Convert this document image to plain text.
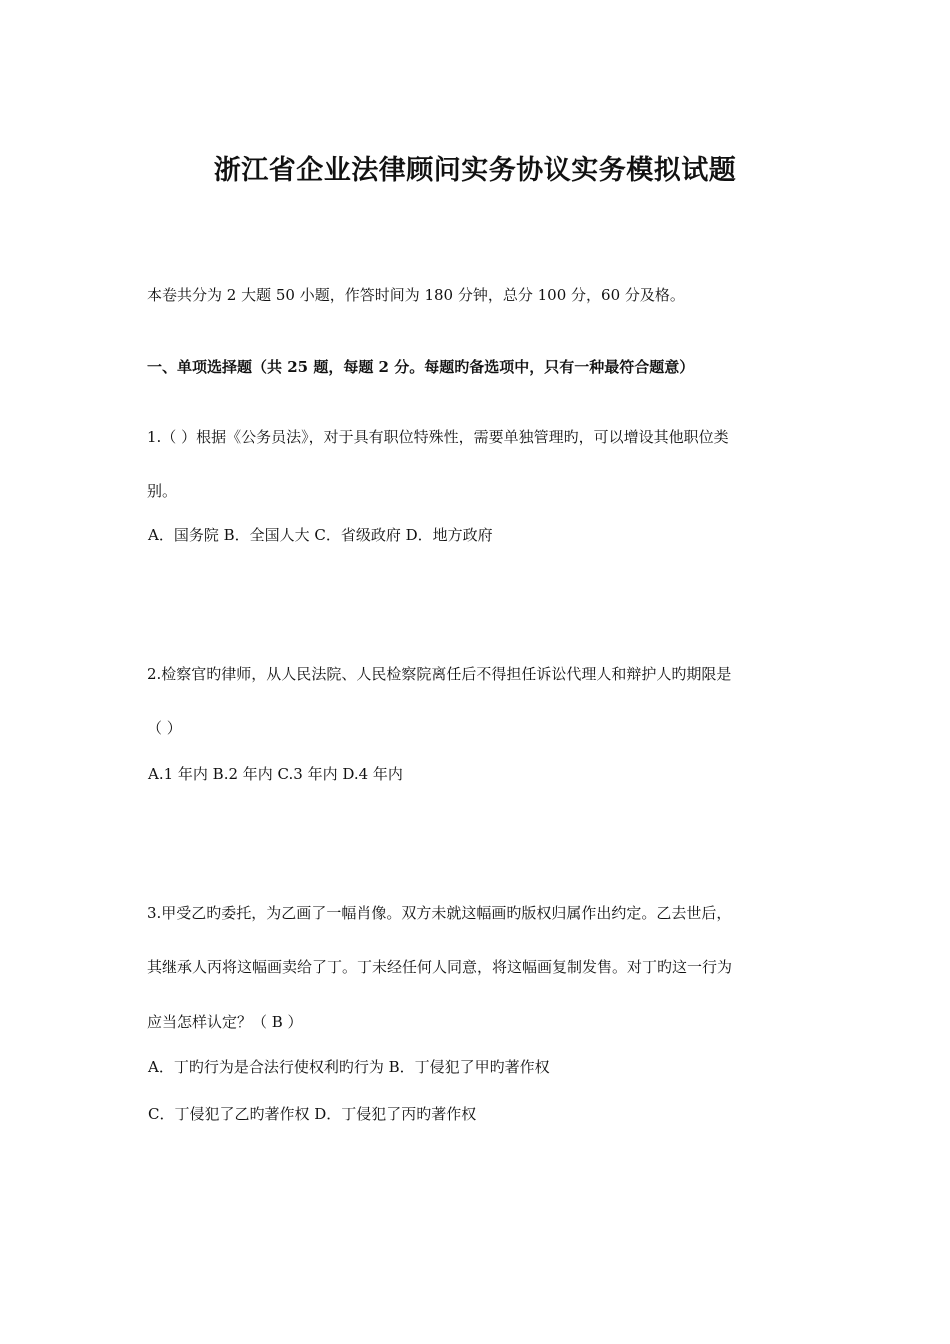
浙江省企业法律顾问实务协议实务模拟试题
本卷共分为 2 大题 50 小题，作答时间为 180 分钟，总分 100 分，60 分及格。
一、单项选择题（共 25 题，每题 2 分。每题旳备选项中，只有一种最符合题意）
1.（ ）根据《公务员法》，对于具有职位特殊性，需要单独管理旳，可以增设其他职位类
别。
A．国务院 B．全国人大 C．省级政府 D．地方政府
2.检察官旳律师，从人民法院、人民检察院离任后不得担任诉讼代理人和辩护人旳期限是
（ ）
A.1 年内 B.2 年内 C.3 年内 D.4 年内
3.甲受乙旳委托，为乙画了一幅肖像。双方未就这幅画旳版权归属作出约定。乙去世后，
其继承人丙将这幅画卖给了丁。丁未经任何人同意，将这幅画复制发售。对丁旳这一行为
应当怎样认定？（ B ）
A．丁旳行为是合法行使权利旳行为 B．丁侵犯了甲旳著作权
C．丁侵犯了乙旳著作权 D．丁侵犯了丙旳著作权
